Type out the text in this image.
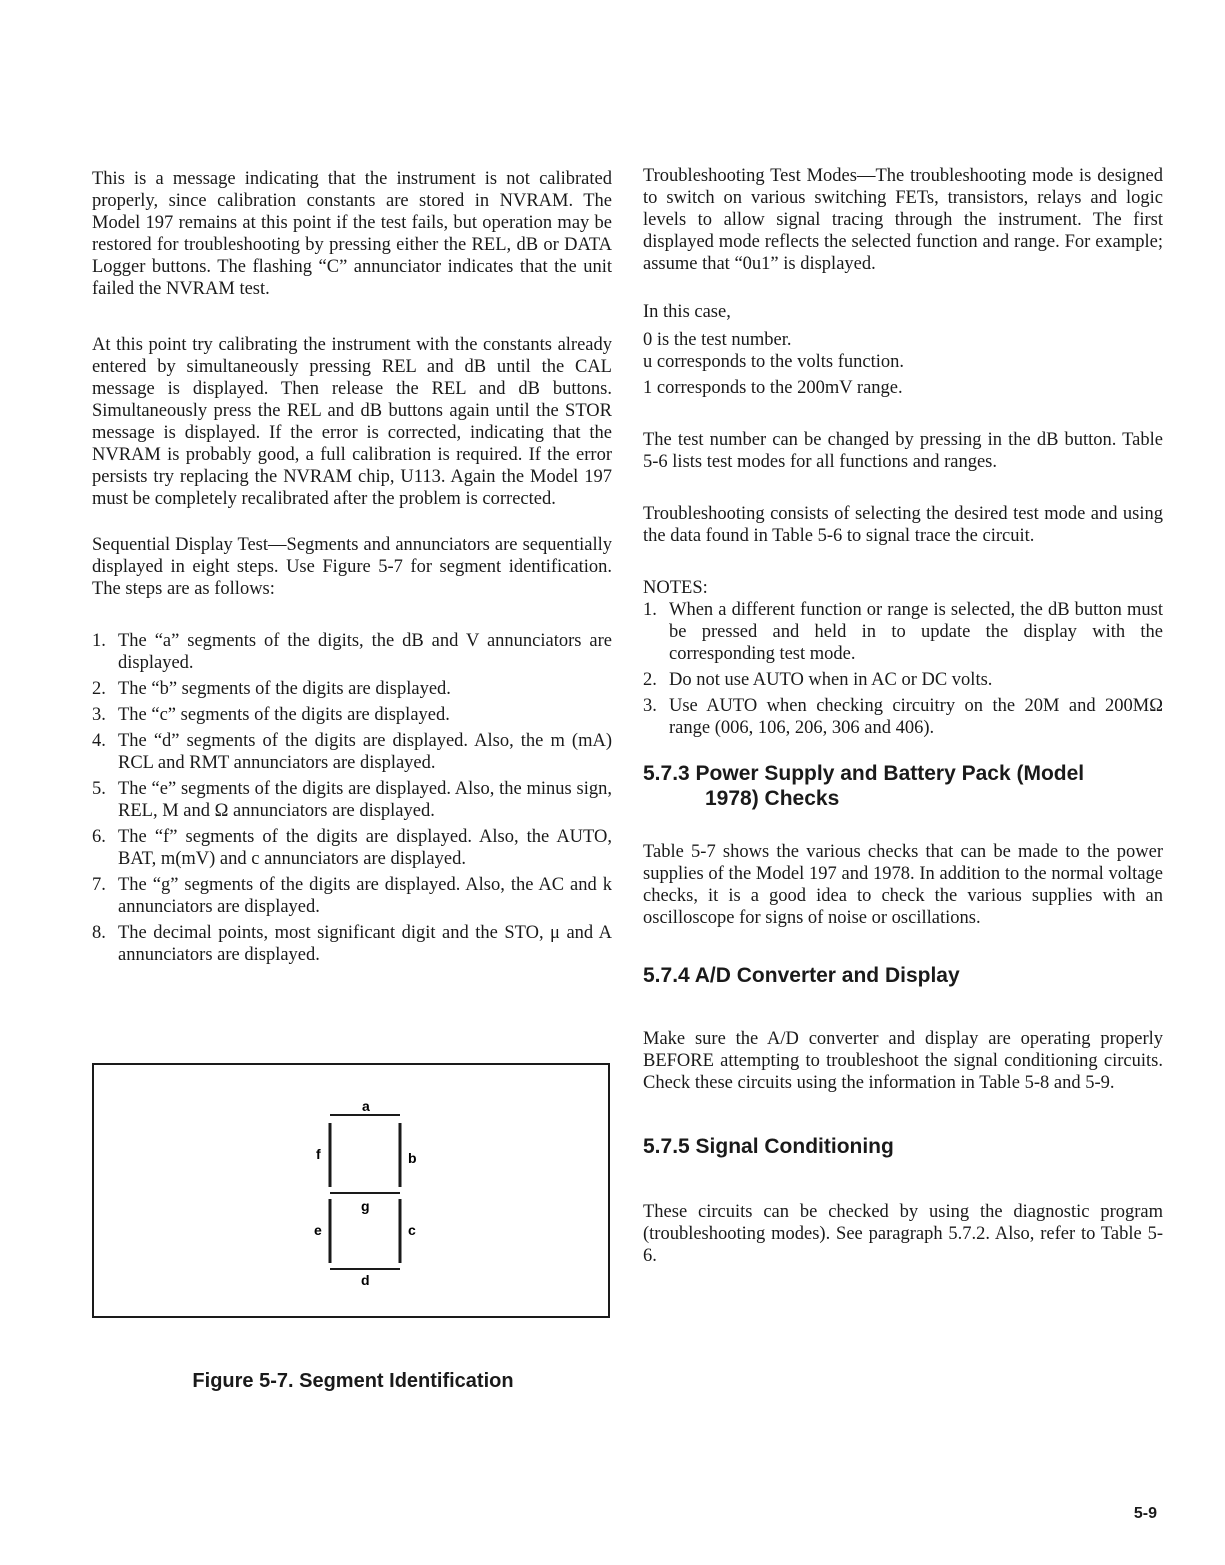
This is a message indicating that the instrument is not calibrated properly, since calibration constants are stored in NVRAM. The Model 197 remains at this point if the test fails, but operation may be restored for troubleshooting by pressing either the REL, dB or DATA Logger buttons. The flashing “C” annunciator indicates that the unit failed the NVRAM test.

At this point try calibrating the instrument with the constants already entered by simultaneously pressing REL and dB until the CAL message is displayed. Then release the REL and dB buttons. Simultaneously press the REL and dB buttons again until the STOR message is displayed. If the error is corrected, indicating that the NVRAM is probably good, a full calibration is required. If the error persists try replacing the NVRAM chip, U113. Again the Model 197 must be completely recalibrated after the problem is corrected.

Sequential Display Test—Segments and annunciators are sequentially displayed in eight steps. Use Figure 5-7 for segment identification. The steps are as follows:

1. The “a” segments of the digits, the dB and V annunciators are displayed.
2. The “b” segments of the digits are displayed.
3. The “c” segments of the digits are displayed.
4. The “d” segments of the digits are displayed. Also, the m (mA) RCL and RMT annunciators are displayed.
5. The “e” segments of the digits are displayed. Also, the minus sign, REL, M and Ω annunciators are displayed.
6. The “f” segments of the digits are displayed. Also, the AUTO, BAT, m(mV) and c annunciators are displayed.
7. The “g” segments of the digits are displayed. Also, the AC and k annunciators are displayed.
8. The decimal points, most significant digit and the STO, μ and A annunciators are displayed.
a
f	b
g
e	c
d
Figure 5-7. Segment Identification

Troubleshooting Test Modes—The troubleshooting mode is designed to switch on various switching FETs, transistors, relays and logic levels to allow signal tracing through the instrument. The first displayed mode reflects the selected function and range. For example; assume that “0u1” is displayed.

In this case,
0 is the test number.
u corresponds to the volts function.
1 corresponds to the 200mV range.

The test number can be changed by pressing in the dB button. Table 5-6 lists test modes for all functions and ranges.

Troubleshooting consists of selecting the desired test mode and using the data found in Table 5-6 to signal trace the circuit.

NOTES:
1. When a different function or range is selected, the dB button must be pressed and held in to update the display with the corresponding test mode.
2. Do not use AUTO when in AC or DC volts.
3. Use AUTO when checking circuitry on the 20M and 200MΩ range (006, 106, 206, 306 and 406).
5.7.3 Power Supply and Battery Pack (Model
1978) Checks

Table 5-7 shows the various checks that can be made to the power supplies of the Model 197 and 1978. In addition to the normal voltage checks, it is a good idea to check the various supplies with an oscilloscope for signs of noise or oscillations.

5.7.4 A/D Converter and Display

Make sure the A/D converter and display are operating properly BEFORE attempting to troubleshoot the signal conditioning circuits. Check these circuits using the information in Table 5-8 and 5-9.

5.7.5 Signal Conditioning

These circuits can be checked by using the diagnostic program (troubleshooting modes). See paragraph 5.7.2. Also, refer to Table 5-6.

5-9
